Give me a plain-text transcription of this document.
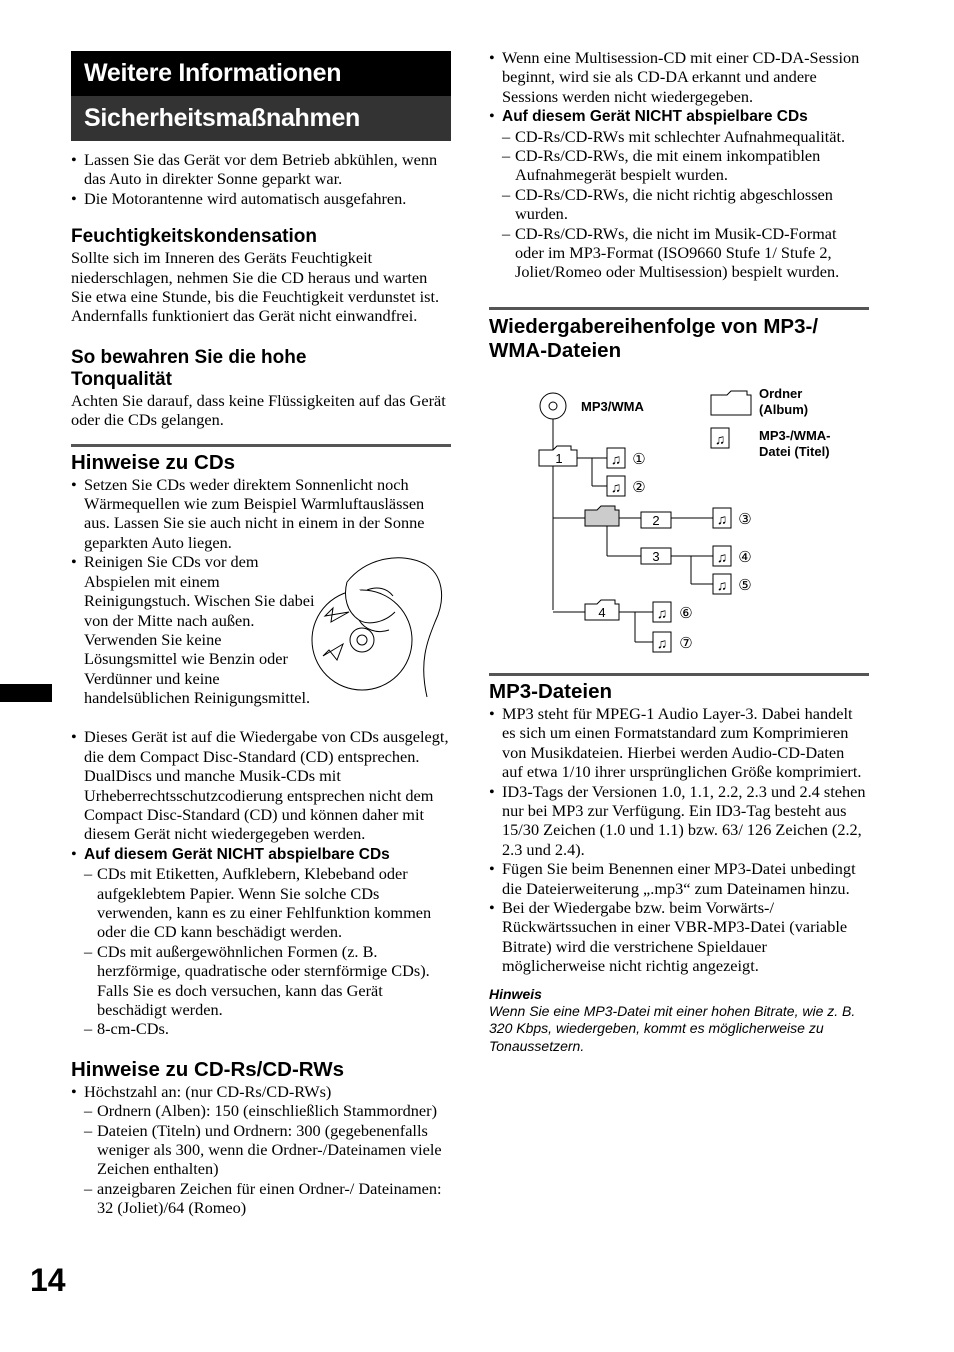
Weitere Informationen
Sicherheitsmaßnahmen
• Lassen Sie das Gerät vor dem Betrieb abkühlen, wenn das Auto in direkter Sonne geparkt war.
• Die Motorantenne wird automatisch ausgefahren.

Feuchtigkeitskondensation

Sollte sich im Inneren des Geräts Feuchtigkeit niederschlagen, nehmen Sie die CD heraus und warten Sie etwa eine Stunde, bis die Feuchtigkeit verdunstet ist. Andernfalls funktioniert das Gerät nicht einwandfrei.

So bewahren Sie die hohe Tonqualität

Achten Sie darauf, dass keine Flüssigkeiten auf das Gerät oder die CDs gelangen.

Hinweise zu CDs

• Setzen Sie CDs weder direktem Sonnenlicht noch Wärmequellen wie zum Beispiel Warmluftauslässen aus. Lassen Sie sie auch nicht in einem in der Sonne geparkten Auto liegen.
• Reinigen Sie CDs vor dem Abspielen mit einem Reinigungstuch. Wischen Sie dabei von der Mitte nach außen. Verwenden Sie keine Lösungsmittel wie Benzin oder Verdünner und keine handelsüblichen Reinigungsmittel.
• Dieses Gerät ist auf die Wiedergabe von CDs ausgelegt, die dem Compact Disc-Standard (CD) entsprechen. DualDiscs und manche Musik-CDs mit Urheberrechtsschutzcodierung entsprechen nicht dem Compact Disc-Standard (CD) und können daher mit diesem Gerät nicht wiedergegeben werden.
• Auf diesem Gerät NICHT abspielbare CDs
– CDs mit Etiketten, Aufklebern, Klebeband oder aufgeklebtem Papier. Wenn Sie solche CDs verwenden, kann es zu einer Fehlfunktion kommen oder die CD kann beschädigt werden.
– CDs mit außergewöhnlichen Formen (z. B. herzförmige, quadratische oder sternförmige CDs). Falls Sie es doch versuchen, kann das Gerät beschädigt werden.
– 8-cm-CDs.

Hinweise zu CD-Rs/CD-RWs

• Höchstzahl an: (nur CD-Rs/CD-RWs)
– Ordnern (Alben): 150 (einschließlich Stammordner)
– Dateien (Titeln) und Ordnern: 300 (gegebenenfalls weniger als 300, wenn die Ordner-/Dateinamen viele Zeichen enthalten)
– anzeigbaren Zeichen für einen Ordner-/ Dateinamen: 32 (Joliet)/64 (Romeo)
• Wenn eine Multisession-CD mit einer CD-DA-Session beginnt, wird sie als CD-DA erkannt und andere Sessions werden nicht wiedergegeben.
• Auf diesem Gerät NICHT abspielbare CDs
– CD-Rs/CD-RWs mit schlechter Aufnahmequalität.
– CD-Rs/CD-RWs, die mit einem inkompatiblen Aufnahmegerät bespielt wurden.
– CD-Rs/CD-RWs, die nicht richtig abgeschlossen wurden.
– CD-Rs/CD-RWs, die nicht im Musik-CD-Format oder im MP3-Format (ISO9660 Stufe 1/ Stufe 2, Joliet/Romeo oder Multisession) bespielt wurden.

Wiedergabereihenfolge von MP3-/ WMA-Dateien

MP3/WMA
Ordner (Album)
♫	MP3-/WMA-Datei (Titel)
1
2
3
4
♫ ①
♫ ②
♫ ③
♫ ④
♫ ⑤
♫ ⑥
♫ ⑦

MP3-Dateien

• MP3 steht für MPEG-1 Audio Layer-3. Dabei handelt es sich um einen Formatstandard zum Komprimieren von Musikdateien. Hierbei werden Audio-CD-Daten auf etwa 1/10 ihrer ursprünglichen Größe komprimiert.
• ID3-Tags der Versionen 1.0, 1.1, 2.2, 2.3 und 2.4 stehen nur bei MP3 zur Verfügung. Ein ID3-Tag besteht aus 15/30 Zeichen (1.0 und 1.1) bzw. 63/ 126 Zeichen (2.2, 2.3 und 2.4).
• Fügen Sie beim Benennen einer MP3-Datei unbedingt die Dateierweiterung „.mp3“ zum Dateinamen hinzu.
• Bei der Wiedergabe bzw. beim Vorwärts-/ Rückwärtssuchen in einer VBR-MP3-Datei (variable Bitrate) wird die verstrichene Spieldauer möglicherweise nicht richtig angezeigt.

Hinweis

Wenn Sie eine MP3-Datei mit einer hohen Bitrate, wie z. B. 320 Kbps, wiedergeben, kommt es möglicherweise zu Tonaussetzern.

14
